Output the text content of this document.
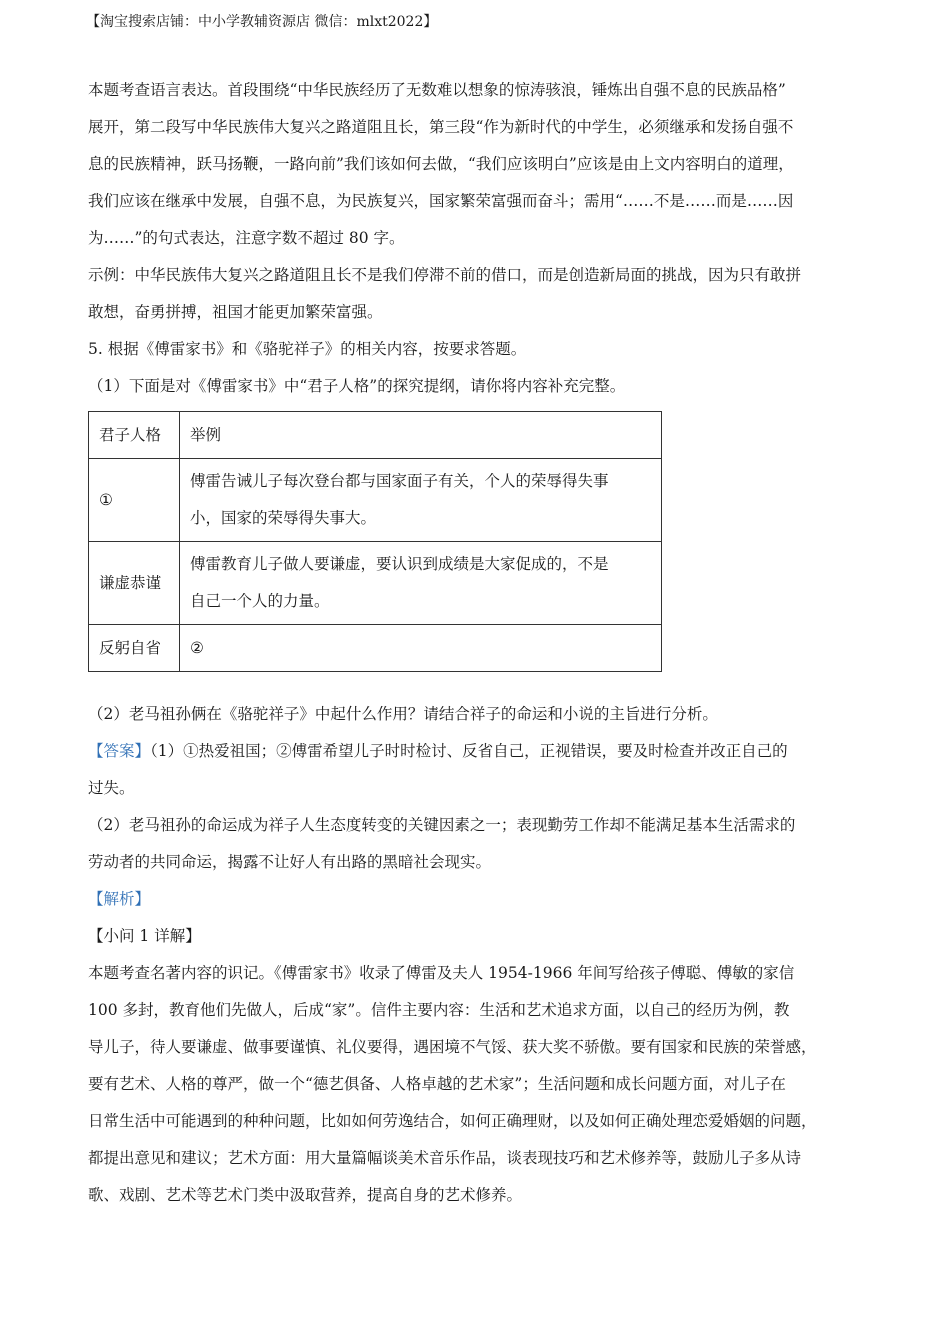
【淘宝搜索店铺：中小学教辅资源店 微信：mlxt2022】

本题考查语言表达。首段围绕“中华民族经历了无数难以想象的惊涛骇浪，锤炼出自强不息的民族品格”

展开，第二段写中华民族伟大复兴之路道阻且长，第三段“作为新时代的中学生，必须继承和发扬自强不

息的民族精神，跃马扬鞭，一路向前”我们该如何去做，“我们应该明白”应该是由上文内容明白的道理，

我们应该在继承中发展，自强不息，为民族复兴，国家繁荣富强而奋斗；需用“……不是……而是……因

为……”的句式表达，注意字数不超过 80 字。

示例：中华民族伟大复兴之路道阻且长不是我们停滞不前的借口，而是创造新局面的挑战，因为只有敢拼

敢想，奋勇拼搏，祖国才能更加繁荣富强。

5. 根据《傅雷家书》和《骆驼祥子》的相关内容，按要求答题。

（1）下面是对《傅雷家书》中“君子人格”的探究提纲，请你将内容补充完整。

君子人格	举例
①	傅雷告诫儿子每次登台都与国家面子有关，个人的荣辱得失事
小，国家的荣辱得失事大。

谦虚恭谨	傅雷教育儿子做人要谦虚，要认识到成绩是大家促成的，不是
自己一个人的力量。

反躬自省	②

（2）老马祖孙俩在《骆驼祥子》中起什么作用？请结合祥子的命运和小说的主旨进行分析。

【答案】（1）①热爱祖国；②傅雷希望儿子时时检讨、反省自己，正视错误，要及时检查并改正自己的

过失。

（2）老马祖孙的命运成为祥子人生态度转变的关键因素之一；表现勤劳工作却不能满足基本生活需求的

劳动者的共同命运，揭露不让好人有出路的黑暗社会现实。

【解析】

【小问 1 详解】

本题考查名著内容的识记。《傅雷家书》收录了傅雷及夫人 1954-1966 年间写给孩子傅聪、傅敏的家信

100 多封，教育他们先做人，后成“家”。信件主要内容：生活和艺术追求方面，以自己的经历为例，教

导儿子，待人要谦虚、做事要谨慎、礼仪要得，遇困境不气馁、获大奖不骄傲。要有国家和民族的荣誉感，

要有艺术、人格的尊严，做一个“德艺俱备、人格卓越的艺术家”；生活问题和成长问题方面，对儿子在

日常生活中可能遇到的种种问题，比如如何劳逸结合，如何正确理财，以及如何正确处理恋爱婚姻的问题，

都提出意见和建议；艺术方面：用大量篇幅谈美术音乐作品，谈表现技巧和艺术修养等，鼓励儿子多从诗

歌、戏剧、艺术等艺术门类中汲取营养，提高自身的艺术修养。
